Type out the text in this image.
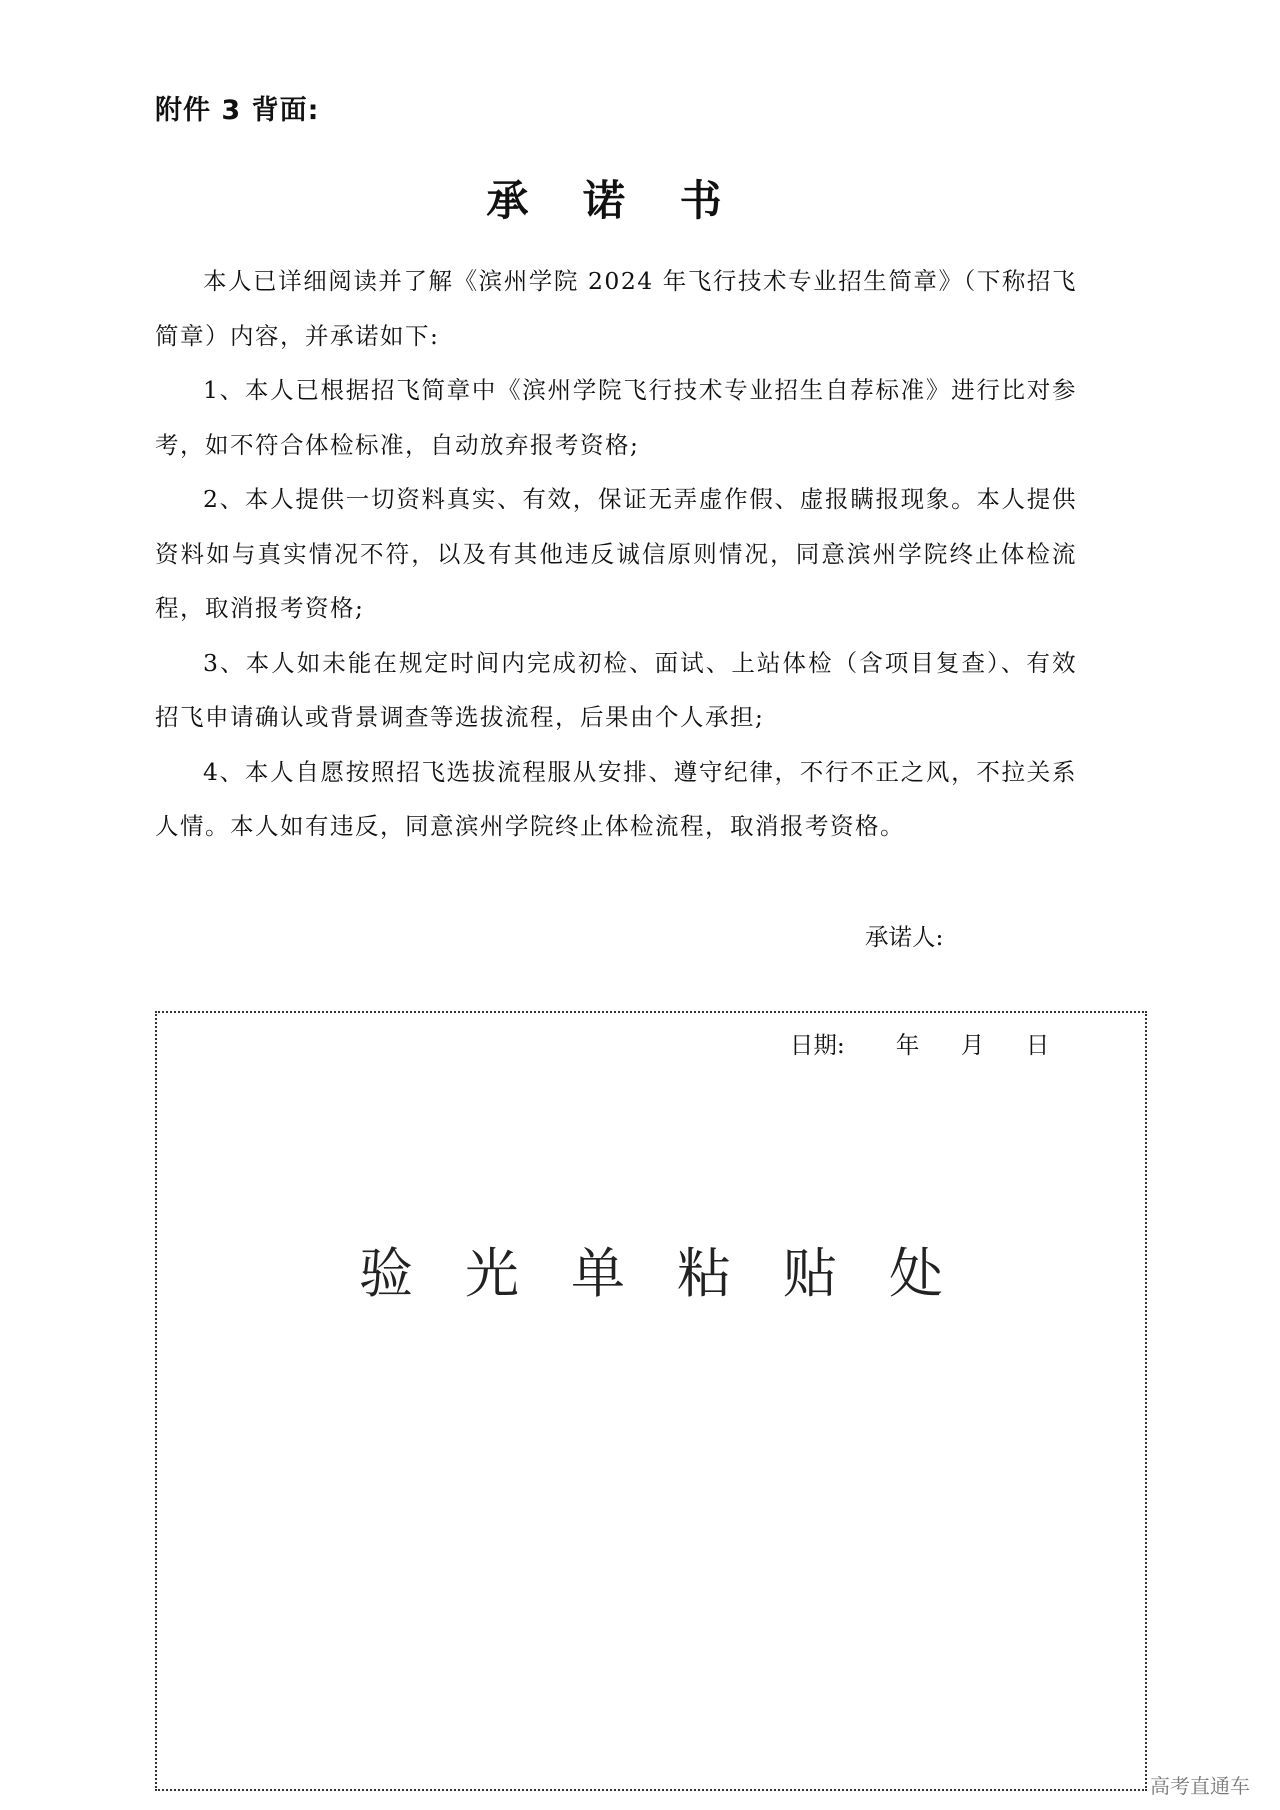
附件 3 背面:
承 诺 书

本人已详细阅读并了解《滨州学院 2024 年飞行技术专业招生简章》（下称招飞简章）内容，并承诺如下:

1、本人已根据招飞简章中《滨州学院飞行技术专业招生自荐标准》进行比对参考，如不符合体检标准，自动放弃报考资格;

2、本人提供一切资料真实、有效，保证无弄虚作假、虚报瞒报现象。本人提供资料如与真实情况不符，以及有其他违反诚信原则情况，同意滨州学院终止体检流程，取消报考资格;

3、本人如未能在规定时间内完成初检、面试、上站体检（含项目复查）、有效招飞申请确认或背景调查等选拔流程，后果由个人承担;

4、本人自愿按照招飞选拔流程服从安排、遵守纪律，不行不正之风，不拉关系人情。本人如有违反，同意滨州学院终止体检流程，取消报考资格。

承诺人:

日期: 年 月 日

验光单粘贴处
高考直通车
